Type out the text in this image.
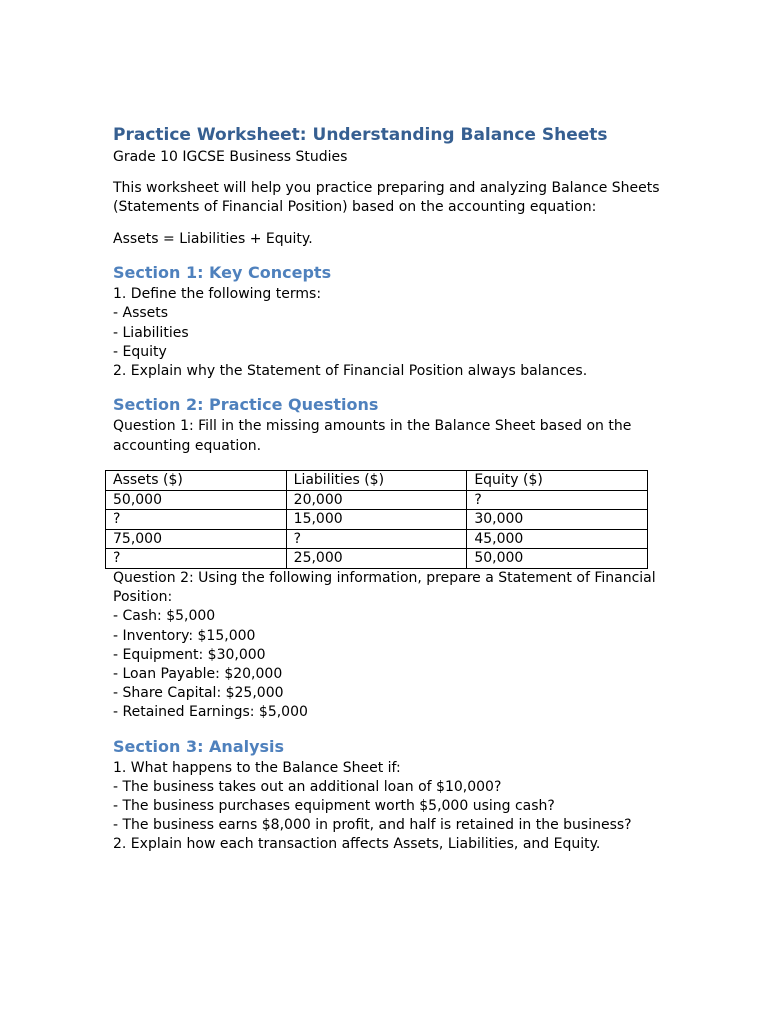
Practice Worksheet: Understanding Balance Sheets
Grade 10 IGCSE Business Studies

This worksheet will help you practice preparing and analyzing Balance Sheets (Statements of Financial Position) based on the accounting equation:

Assets = Liabilities + Equity.

Section 1: Key Concepts
1. Define the following terms:
- Assets
- Liabilities
- Equity
2. Explain why the Statement of Financial Position always balances.
Section 2: Practice Questions

Question 1: Fill in the missing amounts in the Balance Sheet based on the accounting equation.

Assets ($)	Liabilities ($)	Equity ($)
50,000	20,000	?
?	15,000	30,000
75,000	?	45,000
?	25,000	50,000

Question 2: Using the following information, prepare a Statement of Financial Position:

- Cash: $5,000
- Inventory: $15,000
- Equipment: $30,000
- Loan Payable: $20,000
- Share Capital: $25,000
- Retained Earnings: $5,000
Section 3: Analysis
1. What happens to the Balance Sheet if:
- The business takes out an additional loan of $10,000?
- The business purchases equipment worth $5,000 using cash?
- The business earns $8,000 in profit, and half is retained in the business?
2. Explain how each transaction affects Assets, Liabilities, and Equity.
